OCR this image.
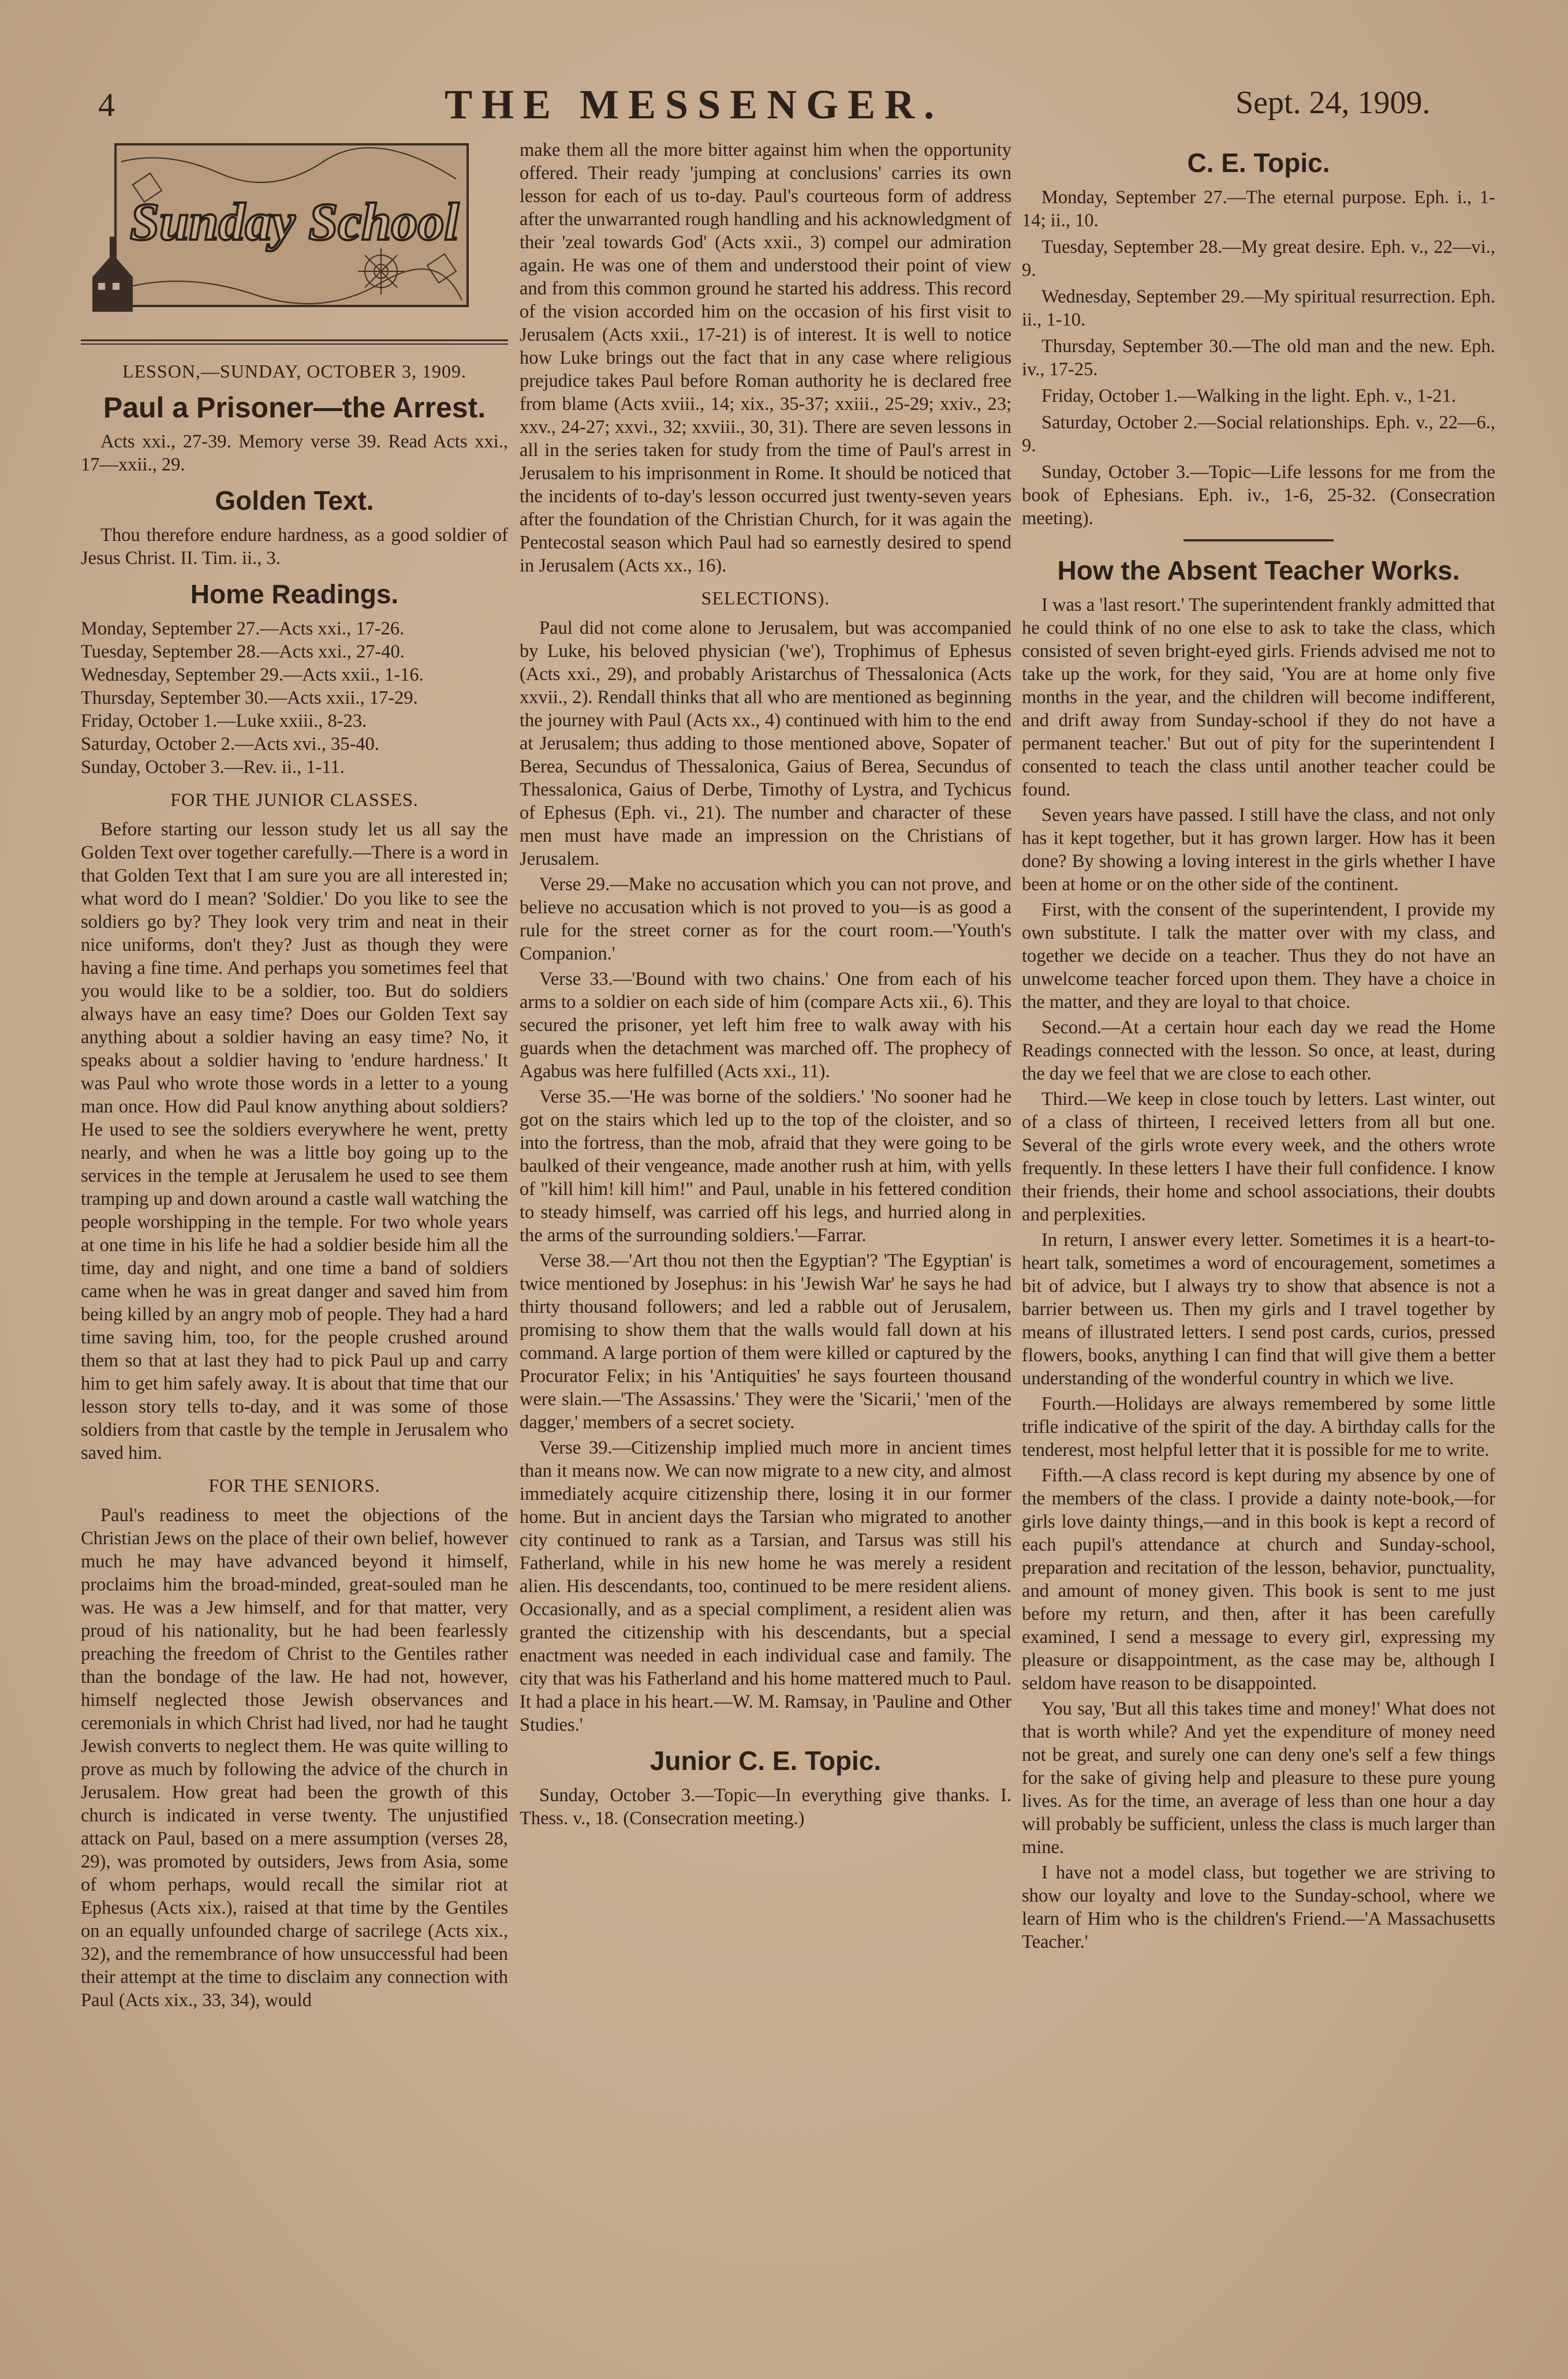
4	THE MESSENGER.	Sept. 24, 1909.
Sunday School
LESSON,—SUNDAY, OCTOBER 3, 1909.
Paul a Prisoner—the Arrest.

Acts xxi., 27-39. Memory verse 39. Read Acts xxi., 17—xxii., 29.

Golden Text.

Thou therefore endure hardness, as a good soldier of Jesus Christ. II. Tim. ii., 3.

Home Readings.
Monday, September 27.—Acts xxi., 17-26.
Tuesday, September 28.—Acts xxi., 27-40.
Wednesday, September 29.—Acts xxii., 1-16.
Thursday, September 30.—Acts xxii., 17-29.
Friday, October 1.—Luke xxiii., 8-23.
Saturday, October 2.—Acts xvi., 35-40.
Sunday, October 3.—Rev. ii., 1-11.
FOR THE JUNIOR CLASSES.

Before starting our lesson study let us all say the Golden Text over together carefully.—There is a word in that Golden Text that I am sure you are all interested in; what word do I mean? 'Soldier.' Do you like to see the soldiers go by? They look very trim and neat in their nice uniforms, don't they? Just as though they were having a fine time. And perhaps you sometimes feel that you would like to be a soldier, too. But do soldiers always have an easy time? Does our Golden Text say anything about a soldier having an easy time? No, it speaks about a soldier having to 'endure hardness.' It was Paul who wrote those words in a letter to a young man once. How did Paul know anything about soldiers? He used to see the soldiers everywhere he went, pretty nearly, and when he was a little boy going up to the services in the temple at Jerusalem he used to see them tramping up and down around a castle wall watching the people worshipping in the temple. For two whole years at one time in his life he had a soldier beside him all the time, day and night, and one time a band of soldiers came when he was in great danger and saved him from being killed by an angry mob of people. They had a hard time saving him, too, for the people crushed around them so that at last they had to pick Paul up and carry him to get him safely away. It is about that time that our lesson story tells to-day, and it was some of those soldiers from that castle by the temple in Jerusalem who saved him.

FOR THE SENIORS.

Paul's readiness to meet the objections of the Christian Jews on the place of their own belief, however much he may have advanced beyond it himself, proclaims him the broad-minded, great-souled man he was. He was a Jew himself, and for that matter, very proud of his nationality, but he had been fearlessly preaching the freedom of Christ to the Gentiles rather than the bondage of the law. He had not, however, himself neglected those Jewish observances and ceremonials in which Christ had lived, nor had he taught Jewish converts to neglect them. He was quite willing to prove as much by following the advice of the church in Jerusalem. How great had been the growth of this church is indicated in verse twenty. The unjustified attack on Paul, based on a mere assumption (verses 28, 29), was promoted by outsiders, Jews from Asia, some of whom perhaps, would recall the similar riot at Ephesus (Acts xix.), raised at that time by the Gentiles on an equally unfounded charge of sacrilege (Acts xix., 32), and the remembrance of how unsuccessful had been their attempt at the time to disclaim any connection with Paul (Acts xix., 33, 34), would

make them all the more bitter against him when the opportunity offered. Their ready 'jumping at conclusions' carries its own lesson for each of us to-day. Paul's courteous form of address after the unwarranted rough handling and his acknowledgment of their 'zeal towards God' (Acts xxii., 3) compel our admiration again. He was one of them and understood their point of view and from this common ground he started his address. This record of the vision accorded him on the occasion of his first visit to Jerusalem (Acts xxii., 17-21) is of interest. It is well to notice how Luke brings out the fact that in any case where religious prejudice takes Paul before Roman authority he is declared free from blame (Acts xviii., 14; xix., 35-37; xxiii., 25-29; xxiv., 23; xxv., 24-27; xxvi., 32; xxviii., 30, 31). There are seven lessons in all in the series taken for study from the time of Paul's arrest in Jerusalem to his imprisonment in Rome. It should be noticed that the incidents of to-day's lesson occurred just twenty-seven years after the foundation of the Christian Church, for it was again the Pentecostal season which Paul had so earnestly desired to spend in Jerusalem (Acts xx., 16).

SELECTIONS).

Paul did not come alone to Jerusalem, but was accompanied by Luke, his beloved physician ('we'), Trophimus of Ephesus (Acts xxi., 29), and probably Aristarchus of Thessalonica (Acts xxvii., 2). Rendall thinks that all who are mentioned as beginning the journey with Paul (Acts xx., 4) continued with him to the end at Jerusalem; thus adding to those mentioned above, Sopater of Berea, Secundus of Thessalonica, Gaius of Berea, Secundus of Thessalonica, Gaius of Derbe, Timothy of Lystra, and Tychicus of Ephesus (Eph. vi., 21). The number and character of these men must have made an impression on the Christians of Jerusalem.

Verse 29.—Make no accusation which you can not prove, and believe no accusation which is not proved to you—is as good a rule for the street corner as for the court room.—'Youth's Companion.'

Verse 33.—'Bound with two chains.' One from each of his arms to a soldier on each side of him (compare Acts xii., 6). This secured the prisoner, yet left him free to walk away with his guards when the detachment was marched off. The prophecy of Agabus was here fulfilled (Acts xxi., 11).

Verse 35.—'He was borne of the soldiers.' 'No sooner had he got on the stairs which led up to the top of the cloister, and so into the fortress, than the mob, afraid that they were going to be baulked of their vengeance, made another rush at him, with yells of "kill him! kill him!" and Paul, unable in his fettered condition to steady himself, was carried off his legs, and hurried along in the arms of the surrounding soldiers.'—Farrar.

Verse 38.—'Art thou not then the Egyptian'? 'The Egyptian' is twice mentioned by Josephus: in his 'Jewish War' he says he had thirty thousand followers; and led a rabble out of Jerusalem, promising to show them that the walls would fall down at his command. A large portion of them were killed or captured by the Procurator Felix; in his 'Antiquities' he says fourteen thousand were slain.—'The Assassins.' They were the 'Sicarii,' 'men of the dagger,' members of a secret society.

Verse 39.—Citizenship implied much more in ancient times than it means now. We can now migrate to a new city, and almost immediately acquire citizenship there, losing it in our former home. But in ancient days the Tarsian who migrated to another city continued to rank as a Tarsian, and Tarsus was still his Fatherland, while in his new home he was merely a resident alien. His descendants, too, continued to be mere resident aliens. Occasionally, and as a special compliment, a resident alien was granted the citizenship with his descendants, but a special enactment was needed in each individual case and family. The city that was his Fatherland and his home mattered much to Paul. It had a place in his heart.—W. M. Ramsay, in 'Pauline and Other Studies.'

Junior C. E. Topic.

Sunday, October 3.—Topic—In everything give thanks. I. Thess. v., 18. (Consecration meeting.)

C. E. Topic.
Monday, September 27.—The eternal purpose. Eph. i., 1-14; ii., 10.
Tuesday, September 28.—My great desire. Eph. v., 22—vi., 9.
Wednesday, September 29.—My spiritual resurrection. Eph. ii., 1-10.
Thursday, September 30.—The old man and the new. Eph. iv., 17-25.
Friday, October 1.—Walking in the light. Eph. v., 1-21.
Saturday, October 2.—Social relationships. Eph. v., 22—6., 9.
Sunday, October 3.—Topic—Life lessons for me from the book of Ephesians. Eph. iv., 1-6, 25-32. (Consecration meeting).
How the Absent Teacher Works.

I was a 'last resort.' The superintendent frankly admitted that he could think of no one else to ask to take the class, which consisted of seven bright-eyed girls. Friends advised me not to take up the work, for they said, 'You are at home only five months in the year, and the children will become indifferent, and drift away from Sunday-school if they do not have a permanent teacher.' But out of pity for the superintendent I consented to teach the class until another teacher could be found.

Seven years have passed. I still have the class, and not only has it kept together, but it has grown larger. How has it been done? By showing a loving interest in the girls whether I have been at home or on the other side of the continent.

First, with the consent of the superintendent, I provide my own substitute. I talk the matter over with my class, and together we decide on a teacher. Thus they do not have an unwelcome teacher forced upon them. They have a choice in the matter, and they are loyal to that choice.

Second.—At a certain hour each day we read the Home Readings connected with the lesson. So once, at least, during the day we feel that we are close to each other.

Third.—We keep in close touch by letters. Last winter, out of a class of thirteen, I received letters from all but one. Several of the girls wrote every week, and the others wrote frequently. In these letters I have their full confidence. I know their friends, their home and school associations, their doubts and perplexities.

In return, I answer every letter. Sometimes it is a heart-to-heart talk, sometimes a word of encouragement, sometimes a bit of advice, but I always try to show that absence is not a barrier between us. Then my girls and I travel together by means of illustrated letters. I send post cards, curios, pressed flowers, books, anything I can find that will give them a better understanding of the wonderful country in which we live.

Fourth.—Holidays are always remembered by some little trifle indicative of the spirit of the day. A birthday calls for the tenderest, most helpful letter that it is possible for me to write.

Fifth.—A class record is kept during my absence by one of the members of the class. I provide a dainty note-book,—for girls love dainty things,—and in this book is kept a record of each pupil's attendance at church and Sunday-school, preparation and recitation of the lesson, behavior, punctuality, and amount of money given. This book is sent to me just before my return, and then, after it has been carefully examined, I send a message to every girl, expressing my pleasure or disappointment, as the case may be, although I seldom have reason to be disappointed.

You say, 'But all this takes time and money!' What does not that is worth while? And yet the expenditure of money need not be great, and surely one can deny one's self a few things for the sake of giving help and pleasure to these pure young lives. As for the time, an average of less than one hour a day will probably be sufficient, unless the class is much larger than mine.

I have not a model class, but together we are striving to show our loyalty and love to the Sunday-school, where we learn of Him who is the children's Friend.—'A Massachusetts Teacher.'
